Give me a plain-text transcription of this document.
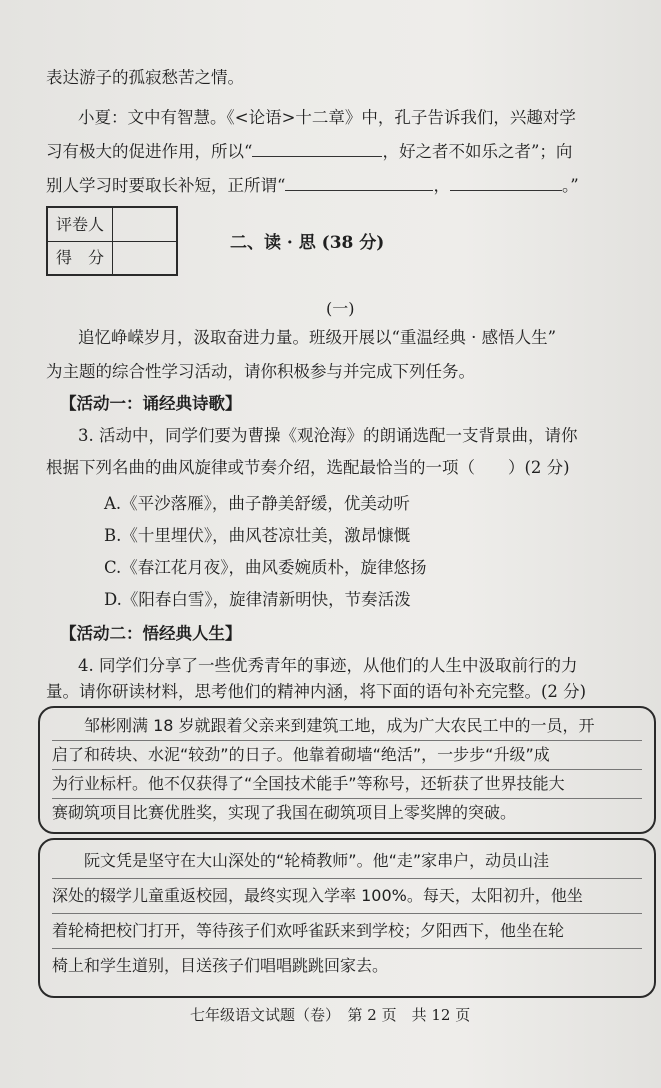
表达游子的孤寂愁苦之情。
小夏：文中有智慧。《<论语>十二章》中，孔子告诉我们，兴趣对学
习有极大的促进作用，所以“	，好之者不如乐之者”；向
别人学习时要取长补短，正所谓“	，	。”
评卷人
得　分
二、读 · 思 (38 分)
(一)
追忆峥嵘岁月，汲取奋进力量。班级开展以“重温经典 · 感悟人生”
为主题的综合性学习活动，请你积极参与并完成下列任务。
【活动一：诵经典诗歌】
3. 活动中，同学们要为曹操《观沧海》的朗诵选配一支背景曲，请你
根据下列名曲的曲风旋律或节奏介绍，选配最恰当的一项（　　）(2 分)
A.《平沙落雁》，曲子静美舒缓，优美动听
B.《十里埋伏》，曲风苍凉壮美，激昂慷慨
C.《春江花月夜》，曲风委婉质朴，旋律悠扬
D.《阳春白雪》，旋律清新明快，节奏活泼
【活动二：悟经典人生】
4. 同学们分享了一些优秀青年的事迹，从他们的人生中汲取前行的力
量。请你研读材料，思考他们的精神内涵，将下面的语句补充完整。(2 分)
　　邹彬刚满 18 岁就跟着父亲来到建筑工地，成为广大农民工中的一员，开
启了和砖块、水泥“较劲”的日子。他靠着砌墙“绝活”，一步步“升级”成
为行业标杆。他不仅获得了“全国技术能手”等称号，还斩获了世界技能大
赛砌筑项目比赛优胜奖，实现了我国在砌筑项目上零奖牌的突破。
　　阮文凭是坚守在大山深处的“轮椅教师”。他“走”家串户，动员山洼
深处的辍学儿童重返校园，最终实现入学率 100%。每天，太阳初升，他坐
着轮椅把校门打开，等待孩子们欢呼雀跃来到学校；夕阳西下，他坐在轮
椅上和学生道别，目送孩子们唱唱跳跳回家去。
七年级语文试题（卷）　第 2 页　共 12 页
